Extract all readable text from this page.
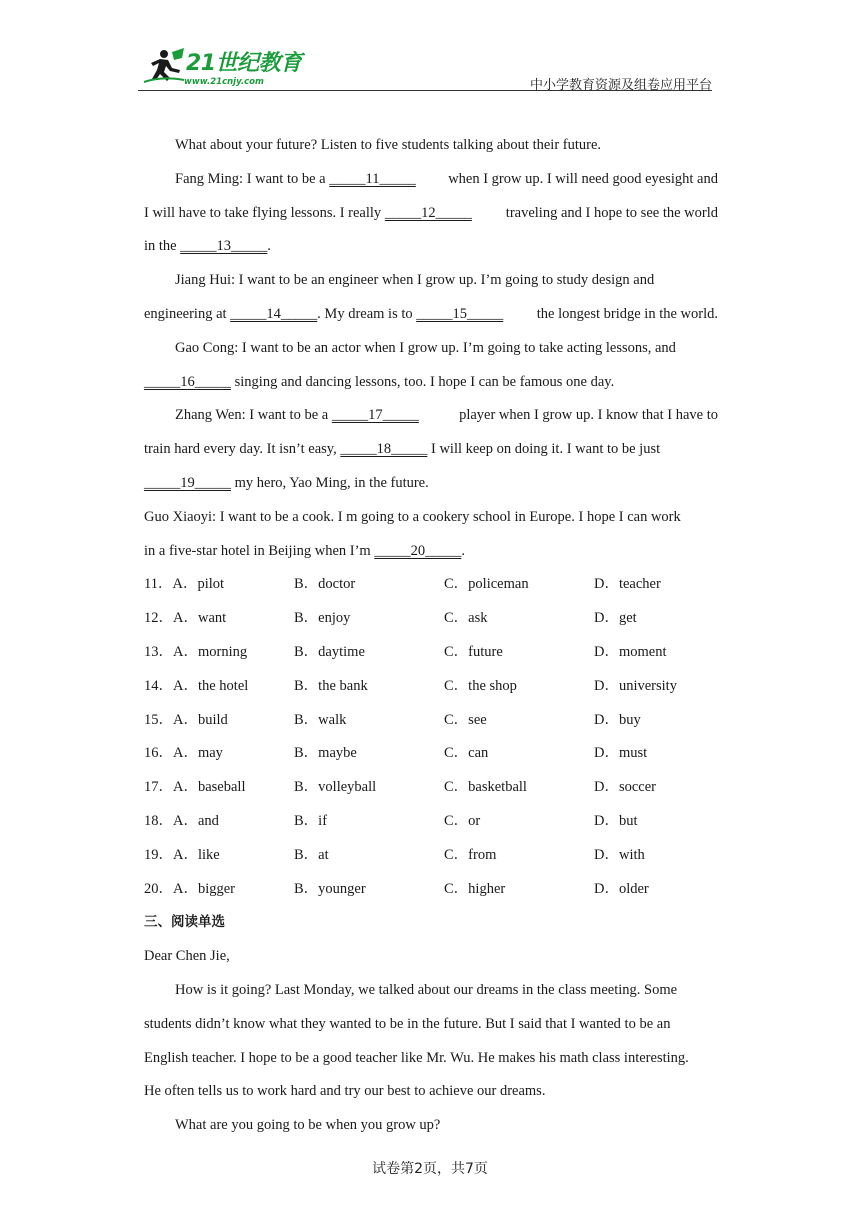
21世纪教育
www.21cnjy.com	中小学教育资源及组卷应用平台
What about your future? Listen to five students talking about their future.
Fang Ming: I want to be a _____11_____ when I grow up. I will need good eyesight and
I will have to take flying lessons. I really _____12_____ traveling and I hope to see the world
in the _____13_____.
Jiang Hui: I want to be an engineer when I grow up. I’m going to study design and
engineering at _____14_____. My dream is to _____15_____ the longest bridge in the world.
Gao Cong: I want to be an actor when I grow up. I’m going to take acting lessons, and
_____16_____ singing and dancing lessons, too. I hope I can be famous one day.
Zhang Wen: I want to be a _____17_____	player when I grow up. I know that I have to
train hard every day. It isn’t easy, _____18_____ I will keep on doing it. I want to be just
_____19_____ my hero, Yao Ming, in the future.
Guo Xiaoyi: I want to be a cook. I m going to a cookery school in Europe. I hope I can work
in a five-star hotel in Beijing when I’m _____20_____.
11．A．pilot	B．doctor	C．policeman	D．teacher
12．A．want	B．enjoy	C．ask	D．get
13．A．morning	B．daytime	C．future	D．moment
14．A．the hotel	B．the bank	C．the shop	D．university
15．A．build	B．walk	C．see	D．buy
16．A．may	B．maybe	C．can	D．must
17．A．baseball	B．volleyball	C．basketball	D．soccer
18．A．and	B．if	C．or	D．but
19．A．like	B．at	C．from	D．with
20．A．bigger	B．younger	C．higher	D．older
三、阅读单选
Dear Chen Jie,
How is it going? Last Monday, we talked about our dreams in the class meeting. Some
students didn’t know what they wanted to be in the future. But I said that I wanted to be an
English teacher. I hope to be a good teacher like Mr. Wu. He makes his math class interesting.
He often tells us to work hard and try our best to achieve our dreams.
What are you going to be when you grow up?
试卷第2页，共7页
